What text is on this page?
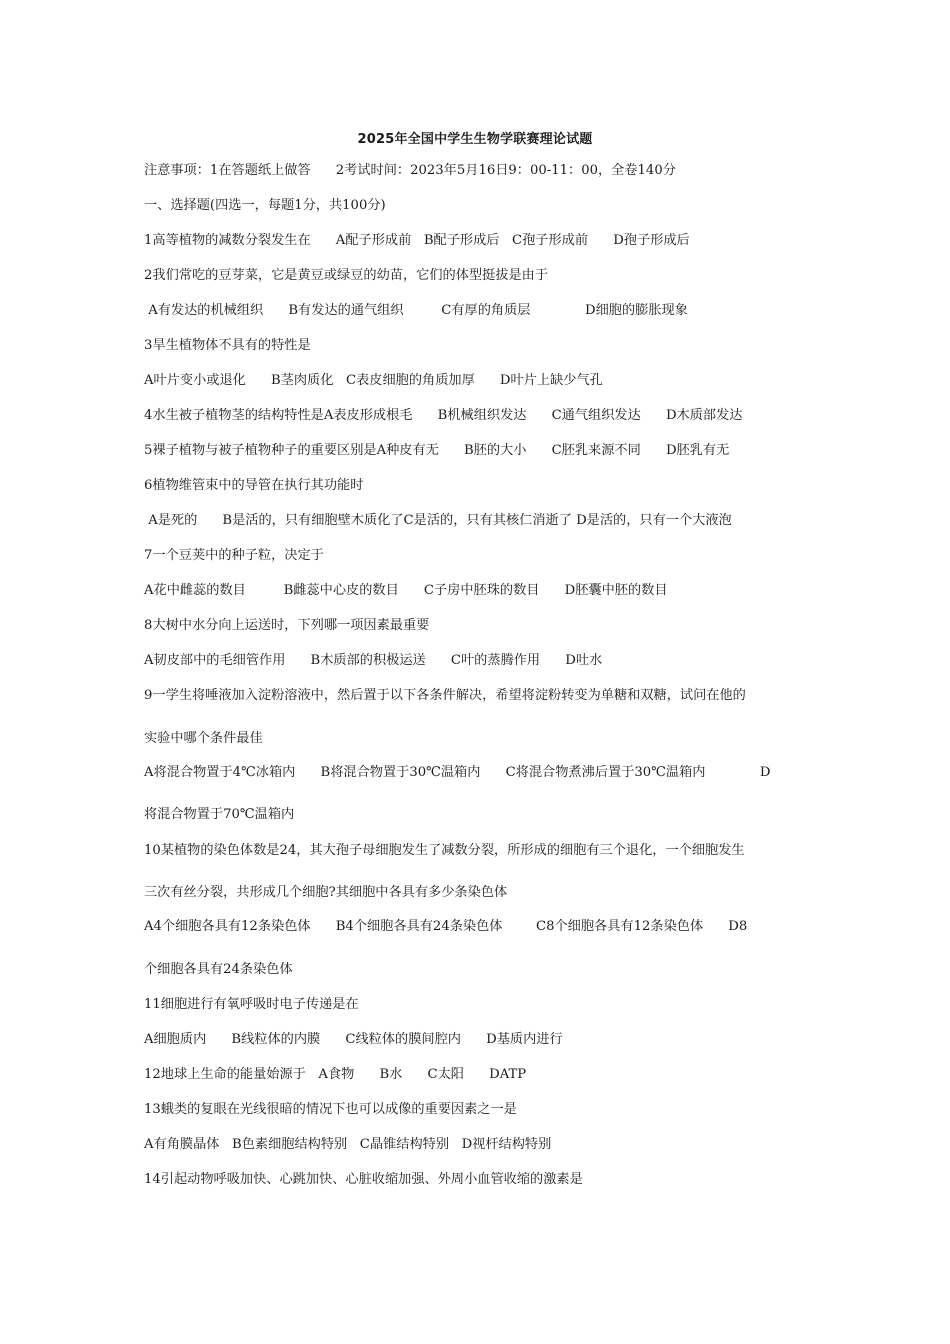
2025年全国中学生生物学联赛理论试题
注意事项：1在答题纸上做答      2考试时间：2023年5月16日9：00-11：00，全卷140分
一、选择题(四选一，每题1分，共100分)
1高等植物的减数分裂发生在      A配子形成前   B配子形成后   C孢子形成前      D孢子形成后
2我们常吃的豆芽菜，它是黄豆或绿豆的幼苗，它们的体型挺拔是由于
A有发达的机械组织      B有发达的通气组织         C有厚的角质层             D细胞的膨胀现象
3旱生植物体不具有的特性是
A叶片变小或退化      B茎肉质化   C表皮细胞的角质加厚      D叶片上缺少气孔
4水生被子植物茎的结构特性是A表皮形成根毛      B机械组织发达      C通气组织发达      D木质部发达
5裸子植物与被子植物种子的重要区别是A种皮有无      B胚的大小      C胚乳来源不同      D胚乳有无
6植物维管束中的导管在执行其功能时
A是死的      B是活的，只有细胞壁木质化了C是活的，只有其核仁消逝了 D是活的，只有一个大液泡
7一个豆荚中的种子粒，决定于
A花中雌蕊的数目         B雌蕊中心皮的数目      C子房中胚珠的数目      D胚囊中胚的数目
8大树中水分向上运送时，下列哪一项因素最重要
A韧皮部中的毛细管作用      B木质部的积极运送      C叶的蒸腾作用      D吐水
9一学生将唾液加入淀粉溶液中，然后置于以下各条件解决，希望将淀粉转变为单糖和双糖，试问在他的
实验中哪个条件最佳
A将混合物置于4℃冰箱内      B将混合物置于30℃温箱内      C将混合物煮沸后置于30℃温箱内             D
将混合物置于70℃温箱内
10某植物的染色体数是24，其大孢子母细胞发生了减数分裂，所形成的细胞有三个退化，一个细胞发生
三次有丝分裂，共形成几个细胞?其细胞中各具有多少条染色体
A4个细胞各具有12条染色体      B4个细胞各具有24条染色体        C8个细胞各具有12条染色体      D8
个细胞各具有24条染色体
11细胞进行有氧呼吸时电子传递是在
A细胞质内      B线粒体的内膜      C线粒体的膜间腔内      D基质内进行
12地球上生命的能量始源于   A食物      B水      C太阳      DATP
13蛾类的复眼在光线很暗的情况下也可以成像的重要因素之一是
A有角膜晶体   B色素细胞结构特别   C晶锥结构特别   D视杆结构特别
14引起动物呼吸加快、心跳加快、心脏收缩加强、外周小血管收缩的激素是
